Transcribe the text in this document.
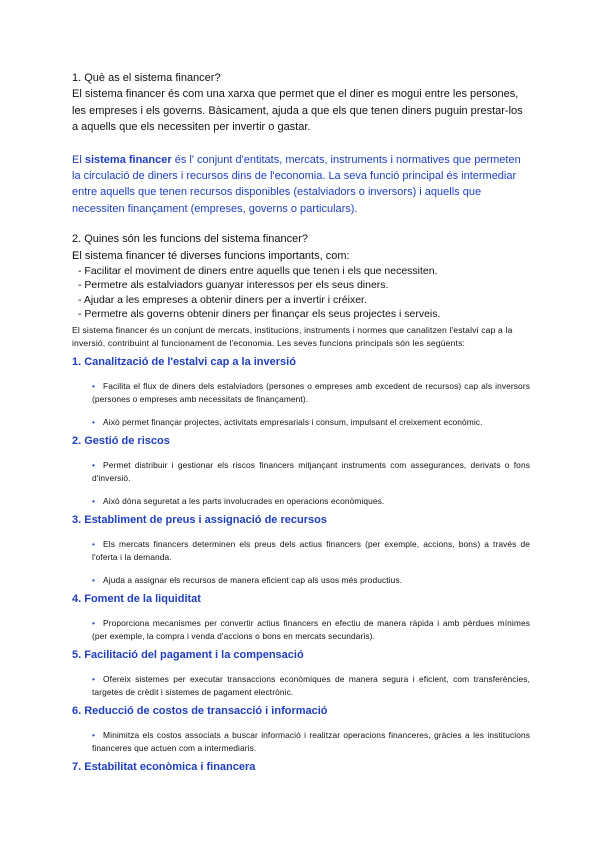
1. Què as el sistema financer?

El sistema financer és com una xarxa que permet que el diner es mogui entre les persones, les empreses i els governs. Bàsicament, ajuda a que els que tenen diners puguin prestar-los a aquells que els necessiten per invertir o gastar.

El sistema financer és l' conjunt d'entitats, mercats, instruments i normatives que permeten la circulació de diners i recursos dins de l'economia. La seva funció principal és intermediar entre aquells que tenen recursos disponibles (estalviadors o inversors) i aquells que necessiten finançament (empreses, governs o particulars).

2. Quines són les funcions del sistema financer?

El sistema financer té diverses funcions importants, com:

- Facilitar el moviment de diners entre aquells que tenen i els que necessiten.
- Permetre als estalviadors guanyar interessos per els seus diners.
- Ajudar a les empreses a obtenir diners per a invertir i créixer.
- Permetre als governs obtenir diners per finançar els seus projectes i serveis.

El sistema financer és un conjunt de mercats, institucions, instruments i normes que canalitzen l'estalvi cap a la inversió, contribuint al funcionament de l'economia. Les seves funcions principals són les següents:

1. Canalització de l'estalvi cap a la inversió

• Facilita el flux de diners dels estalviadors (persones o empreses amb excedent de recursos) cap als inversors (persones o empreses amb necessitats de finançament).

• Això permet finançar projectes, activitats empresarials i consum, impulsant el creixement econòmic.

2. Gestió de riscos

• Permet distribuir i gestionar els riscos financers mitjançant instruments com assegurances, derivats o fons d'inversió.

• Això dóna seguretat a les parts involucrades en operacions econòmiques.

3. Establiment de preus i assignació de recursos

• Els mercats financers determinen els preus dels actius financers (per exemple, accions, bons) a través de l'oferta i la demanda.

• Ajuda a assignar els recursos de manera eficient cap als usos més productius.

4. Foment de la liquiditat

• Proporciona mecanismes per convertir actius financers en efectiu de manera ràpida i amb pèrdues mínimes (per exemple, la compra i venda d'accions o bons en mercats secundaris).

5. Facilitació del pagament i la compensació

• Ofereix sistemes per executar transaccions econòmiques de manera segura i eficient, com transferències, targetes de crèdit i sistemes de pagament electrònic.

6. Reducció de costos de transacció i informació

• Minimitza els costos associats a buscar informació i realitzar operacions financeres, gràcies a les institucions financeres que actuen com a intermediaris.

7. Estabilitat econòmica i financera
